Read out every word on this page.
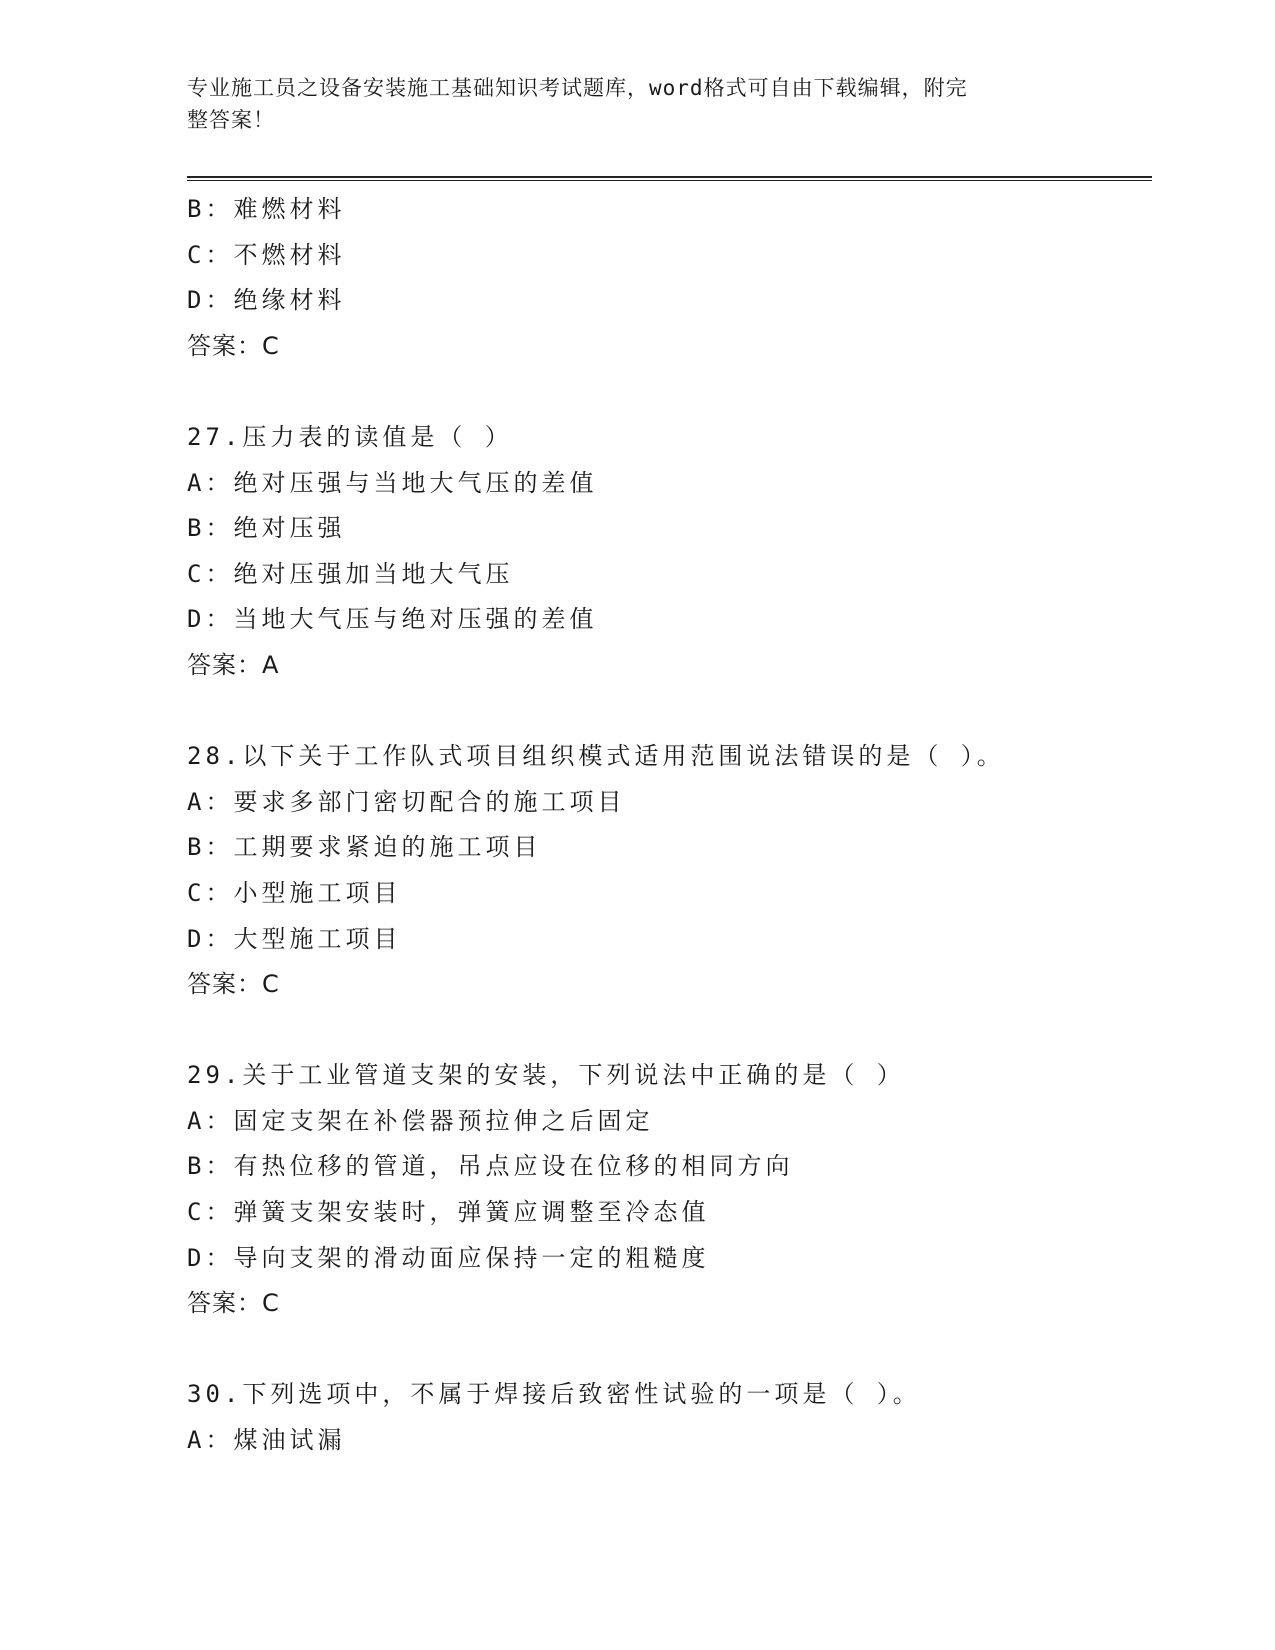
专业施工员之设备安装施工基础知识考试题库，word格式可自由下载编辑，附完
整答案！
B：难燃材料
C：不燃材料
D：绝缘材料
答案：C
27.压力表的读值是（ ）
A：绝对压强与当地大气压的差值
B：绝对压强
C：绝对压强加当地大气压
D：当地大气压与绝对压强的差值
答案：A
28.以下关于工作队式项目组织模式适用范围说法错误的是（ ）。
A：要求多部门密切配合的施工项目
B：工期要求紧迫的施工项目
C：小型施工项目
D：大型施工项目
答案：C
29.关于工业管道支架的安装，下列说法中正确的是（ ）
A：固定支架在补偿器预拉伸之后固定
B：有热位移的管道，吊点应设在位移的相同方向
C：弹簧支架安装时，弹簧应调整至冷态值
D：导向支架的滑动面应保持一定的粗糙度
答案：C
30.下列选项中，不属于焊接后致密性试验的一项是（ ）。
A：煤油试漏
